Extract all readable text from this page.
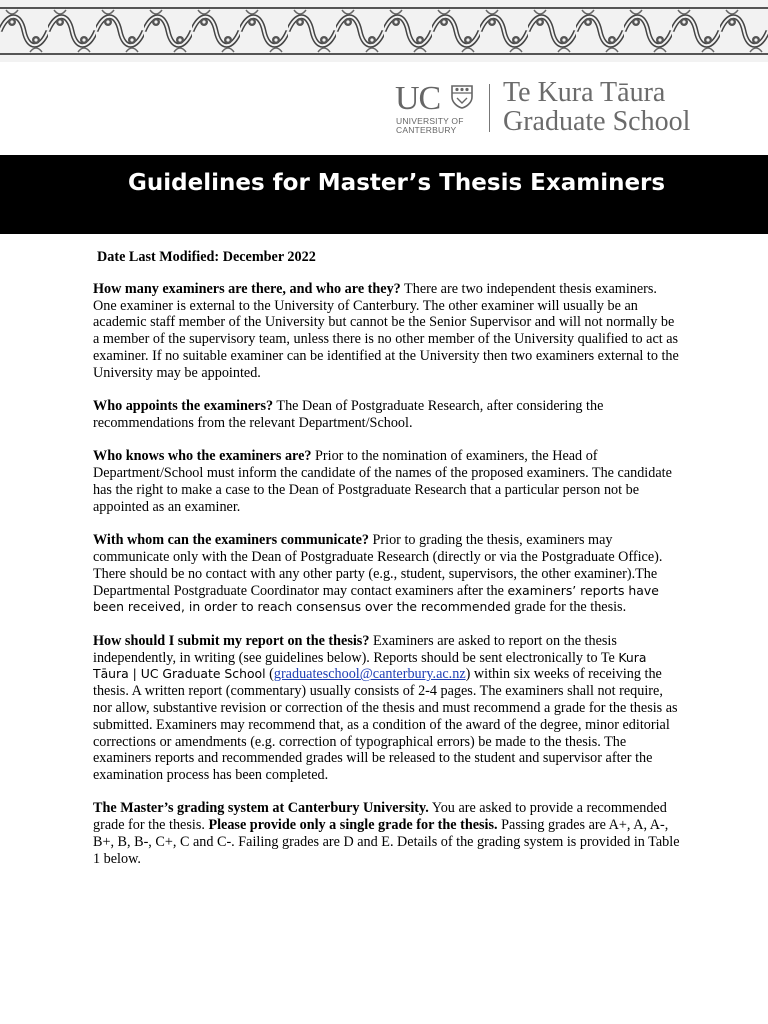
UC
UNIVERSITY OF
CANTERBURY
Te Kura Tāura
Graduate School
Guidelines for Master’s Thesis Examiners

Date Last Modified: December 2022

How many examiners are there, and who are they? There are two independent thesis examiners. One examiner is external to the University of Canterbury. The other examiner will usually be an academic staff member of the University but cannot be the Senior Supervisor and will not normally be a member of the supervisory team, unless there is no other member of the University qualified to act as examiner. If no suitable examiner can be identified at the University then two examiners external to the University may be appointed.

Who appoints the examiners? The Dean of Postgraduate Research, after considering the recommendations from the relevant Department/School.

Who knows who the examiners are? Prior to the nomination of examiners, the Head of Department/School must inform the candidate of the names of the proposed examiners. The candidate has the right to make a case to the Dean of Postgraduate Research that a particular person not be appointed as an examiner.

With whom can the examiners communicate? Prior to grading the thesis, examiners may communicate only with the Dean of Postgraduate Research (directly or via the Postgraduate Office). There should be no contact with any other party (e.g., student, supervisors, the other examiner).The Departmental Postgraduate Coordinator may contact examiners after the examiners’ reports have been received, in order to reach consensus over the recommended grade for the thesis.

How should I submit my report on the thesis? Examiners are asked to report on the thesis independently, in writing (see guidelines below). Reports should be sent electronically to Te Kura Tāura | UC Graduate School (graduateschool@canterbury.ac.nz) within six weeks of receiving the thesis. A written report (commentary) usually consists of 2-4 pages. The examiners shall not require, nor allow, substantive revision or correction of the thesis and must recommend a grade for the thesis as submitted. Examiners may recommend that, as a condition of the award of the degree, minor editorial corrections or amendments (e.g. correction of typographical errors) be made to the thesis. The examiners reports and recommended grades will be released to the student and supervisor after the examination process has been completed.

The Master’s grading system at Canterbury University. You are asked to provide a recommended grade for the thesis. Please provide only a single grade for the thesis. Passing grades are A+, A, A-, B+, B, B-, C+, C and C-. Failing grades are D and E. Details of the grading system is provided in Table 1 below.
